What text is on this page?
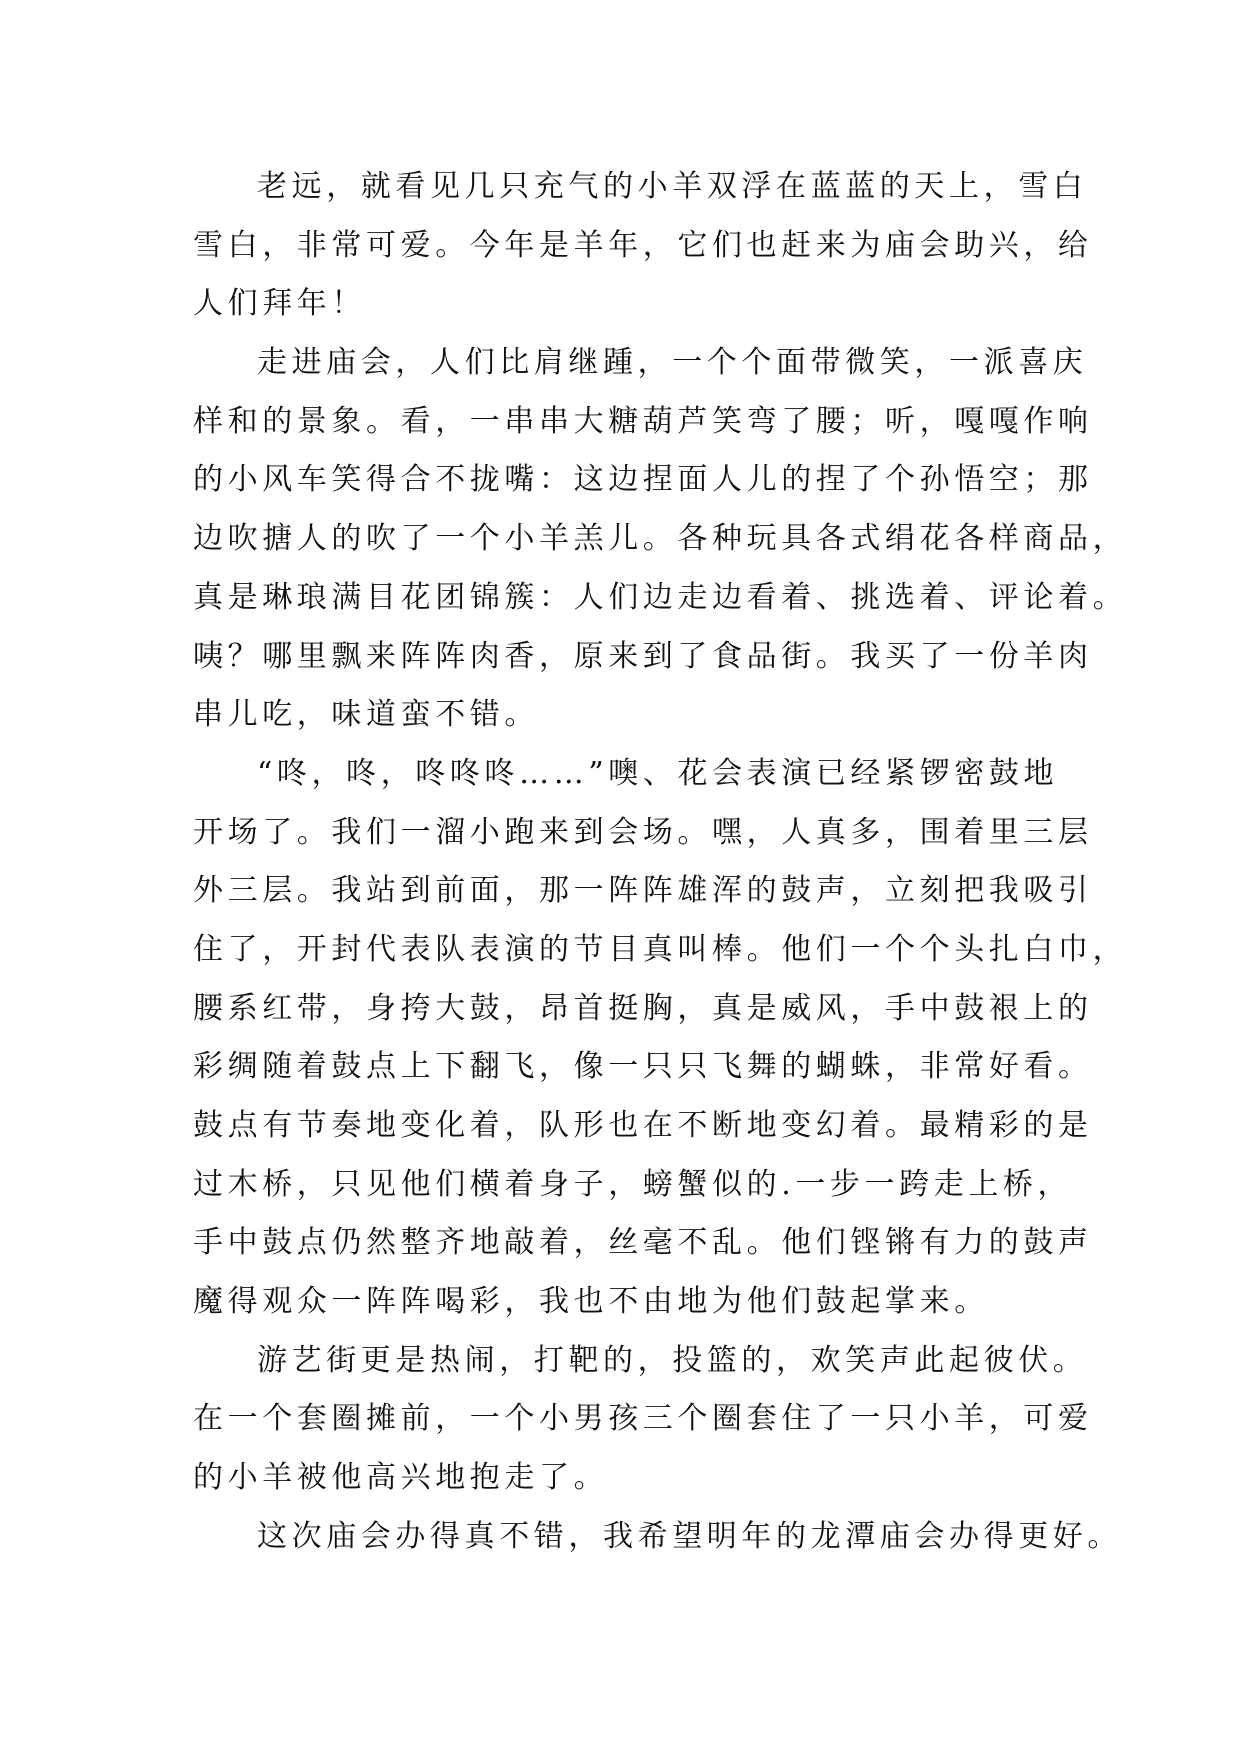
老远，就看见几只充气的小羊双浮在蓝蓝的天上，雪白
雪白，非常可爱。今年是羊年，它们也赶来为庙会助兴，给
人们拜年！
走进庙会，人们比肩继踵，一个个面带微笑，一派喜庆
样和的景象。看，一串串大糖葫芦笑弯了腰；听，嘎嘎作响
的小风车笑得合不拢嘴：这边捏面人儿的捏了个孙悟空；那
边吹搪人的吹了一个小羊羔儿。各种玩具各式绢花各样商品，
真是琳琅满目花团锦簇：人们边走边看着、挑选着、评论着。
咦？哪里飘来阵阵肉香，原来到了食品街。我买了一份羊肉
串儿吃，味道蛮不错。
“咚，咚，咚咚咚……”噢、花会表演已经紧锣密鼓地
开场了。我们一溜小跑来到会场。嘿，人真多，围着里三层
外三层。我站到前面，那一阵阵雄浑的鼓声，立刻把我吸引
住了，开封代表队表演的节目真叫棒。他们一个个头扎白巾，
腰系红带，身挎大鼓，昂首挺胸，真是威风，手中鼓裉上的
彩绸随着鼓点上下翻飞，像一只只飞舞的蝴蛛，非常好看。
鼓点有节奏地变化着，队形也在不断地变幻着。最精彩的是
过木桥，只见他们横着身子，螃蟹似的.一步一跨走上桥，
手中鼓点仍然整齐地敲着，丝毫不乱。他们铿锵有力的鼓声
魔得观众一阵阵喝彩，我也不由地为他们鼓起掌来。
游艺街更是热闹，打靶的，投篮的，欢笑声此起彼伏。
在一个套圈摊前，一个小男孩三个圈套住了一只小羊，可爱
的小羊被他高兴地抱走了。
这次庙会办得真不错，我希望明年的龙潭庙会办得更好。
